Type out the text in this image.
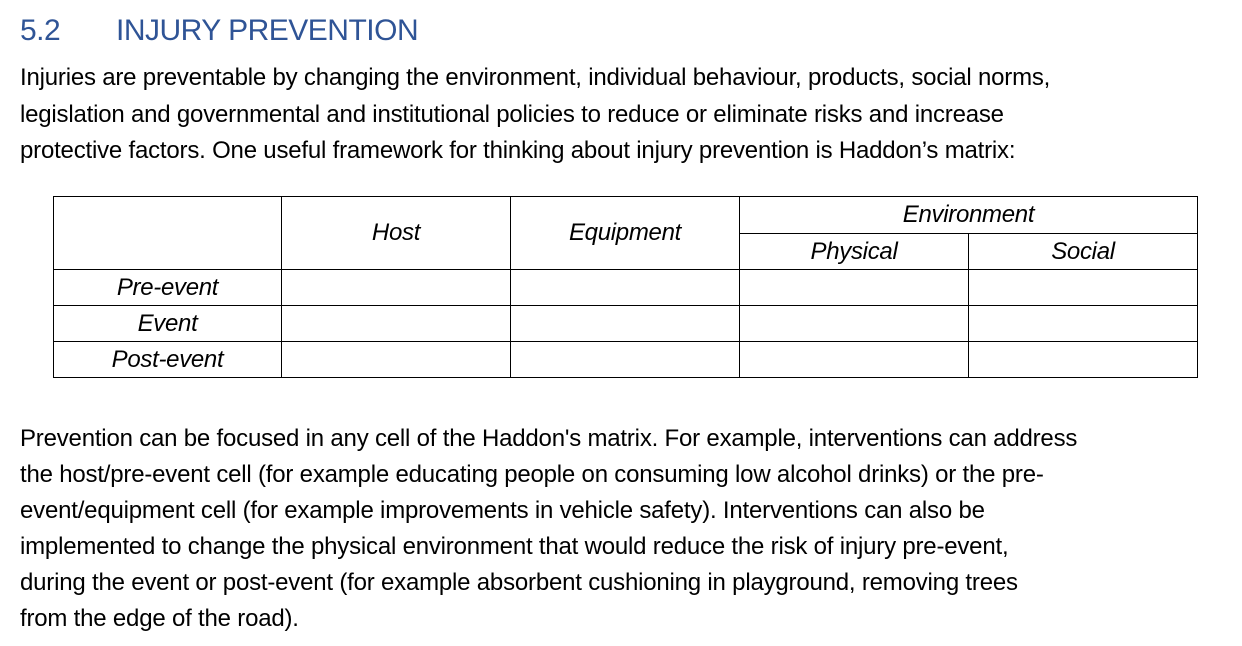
5.2 INJURY PREVENTION

Injuries are preventable by changing the environment, individual behaviour, products, social norms,
legislation and governmental and institutional policies to reduce or eliminate risks and increase
protective factors. One useful framework for thinking about injury prevention is Haddon’s matrix:

	Host	Equipment	Environment	
			Physical	Social
Pre-event				
Event				
Post-event				

Prevention can be focused in any cell of the Haddon's matrix. For example, interventions can address
the host/pre-event cell (for example educating people on consuming low alcohol drinks) or the pre-
event/equipment cell (for example improvements in vehicle safety). Interventions can also be
implemented to change the physical environment that would reduce the risk of injury pre-event,
during the event or post-event (for example absorbent cushioning in playground, removing trees
from the edge of the road).
